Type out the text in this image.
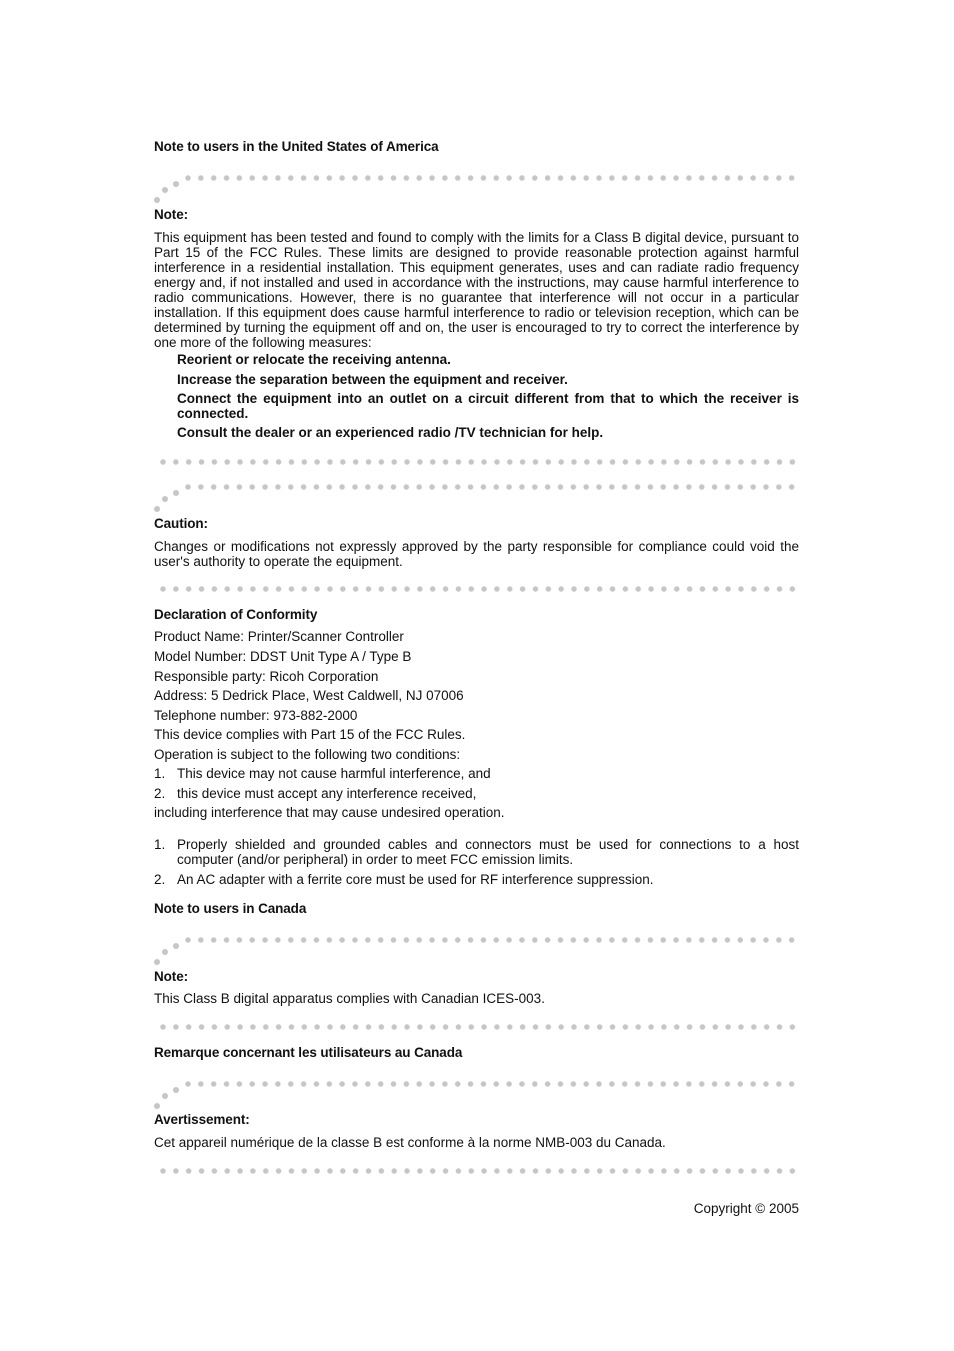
Note to users in the United States of America
Note:
This equipment has been tested and found to comply with the limits for a Class B digital device, pursuant to Part 15 of the FCC Rules. These limits are designed to provide reasonable protection against harmful interference in a residential installation. This equipment generates, uses and can radiate radio frequency energy and, if not installed and used in accordance with the instructions, may cause harmful interference to radio communications. However, there is no guarantee that interference will not occur in a particular installation. If this equipment does cause harmful interference to radio or television reception, which can be determined by turning the equipment off and on, the user is encouraged to try to correct the interference by one more of the following measures:
Reorient or relocate the receiving antenna.
Increase the separation between the equipment and receiver.
Connect the equipment into an outlet on a circuit different from that to which the receiver is connected.
Consult the dealer or an experienced radio /TV technician for help.
Caution:
Changes or modifications not expressly approved by the party responsible for compliance could void the user's authority to operate the equipment.
Declaration of Conformity
Product Name: Printer/Scanner Controller
Model Number: DDST Unit Type A / Type B
Responsible party: Ricoh Corporation
Address: 5 Dedrick Place, West Caldwell, NJ 07006
Telephone number: 973-882-2000
This device complies with Part 15 of the FCC Rules.
Operation is subject to the following two conditions:
1. This device may not cause harmful interference, and
2. this device must accept any interference received,
including interference that may cause undesired operation.
1. Properly shielded and grounded cables and connectors must be used for connections to a host computer (and/or peripheral) in order to meet FCC emission limits.
2. An AC adapter with a ferrite core must be used for RF interference suppression.
Note to users in Canada
Note:
This Class B digital apparatus complies with Canadian ICES-003.
Remarque concernant les utilisateurs au Canada
Avertissement:
Cet appareil numérique de la classe B est conforme à la norme NMB-003 du Canada.
Copyright © 2005
